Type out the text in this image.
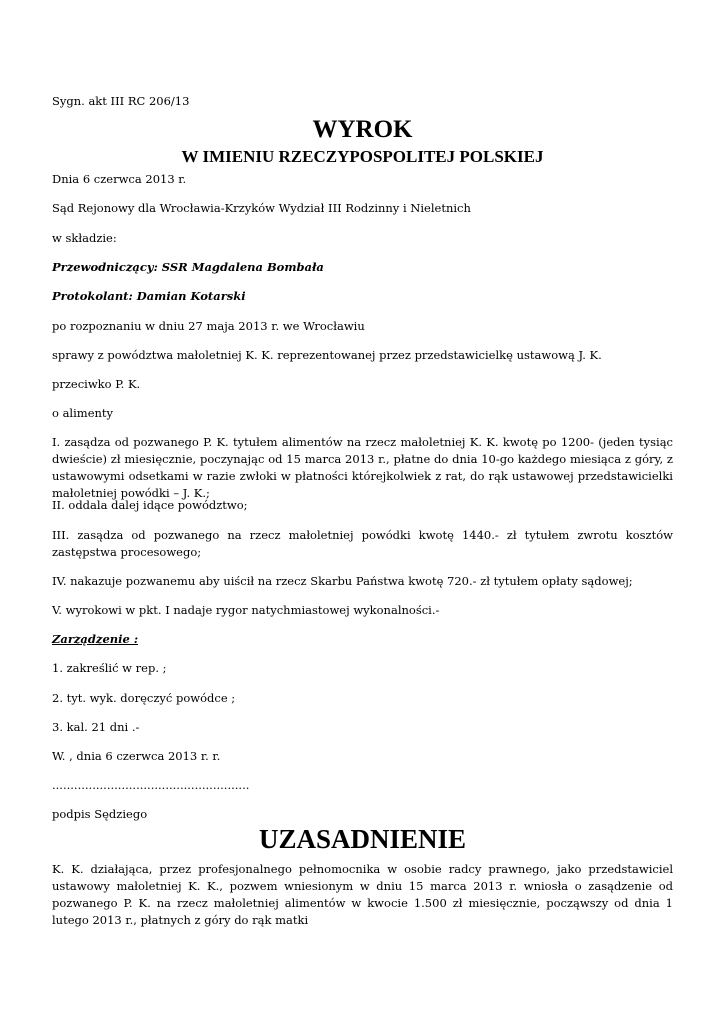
Sygn. akt III RC 206/13

WYROK
W IMIENIU RZECZYPOSPOLITEJ POLSKIEJ

Dnia 6 czerwca 2013 r.

Sąd Rejonowy dla Wrocławia-Krzyków Wydział III Rodzinny i Nieletnich

w składzie:

Przewodniczący: SSR Magdalena Bombała

Protokolant: Damian Kotarski

po rozpoznaniu w dniu 27 maja 2013 r. we Wrocławiu

sprawy z powództwa małoletniej K. K. reprezentowanej przez przedstawicielkę ustawową J. K.

przeciwko P. K.

o alimenty

I. zasądza od pozwanego P. K. tytułem alimentów na rzecz małoletniej K. K. kwotę po 1200- (jeden tysiąc dwieście) zł miesięcznie, poczynając od 15 marca 2013 r., płatne do dnia 10-go każdego miesiąca z góry, z ustawowymi odsetkami w razie zwłoki w płatności którejkolwiek z rat, do rąk ustawowej przedstawicielki małoletniej powódki – J. K.;

II. oddala dalej idące powództwo;

III. zasądza od pozwanego na rzecz małoletniej powódki kwotę 1440.- zł tytułem zwrotu kosztów zastępstwa procesowego;

IV. nakazuje pozwanemu aby uiścił na rzecz Skarbu Państwa kwotę 720.- zł tytułem opłaty sądowej;

V. wyrokowi w pkt. I nadaje rygor natychmiastowej wykonalności.-

Zarządzenie :

1. zakreślić w rep. ;

2. tyt. wyk. doręczyć powódce ;

3. kal. 21 dni .-

W. , dnia 6 czerwca 2013 r. r.

......................................................

podpis Sędziego

UZASADNIENIE

K. K. działająca, przez profesjonalnego pełnomocnika w osobie radcy prawnego, jako przedstawiciel ustawowy małoletniej K. K., pozwem wniesionym w dniu 15 marca 2013 r. wniosła o zasądzenie od pozwanego P. K. na rzecz małoletniej alimentów w kwocie 1.500 zł miesięcznie, począwszy od dnia 1 lutego 2013 r., płatnych z góry do rąk matki
